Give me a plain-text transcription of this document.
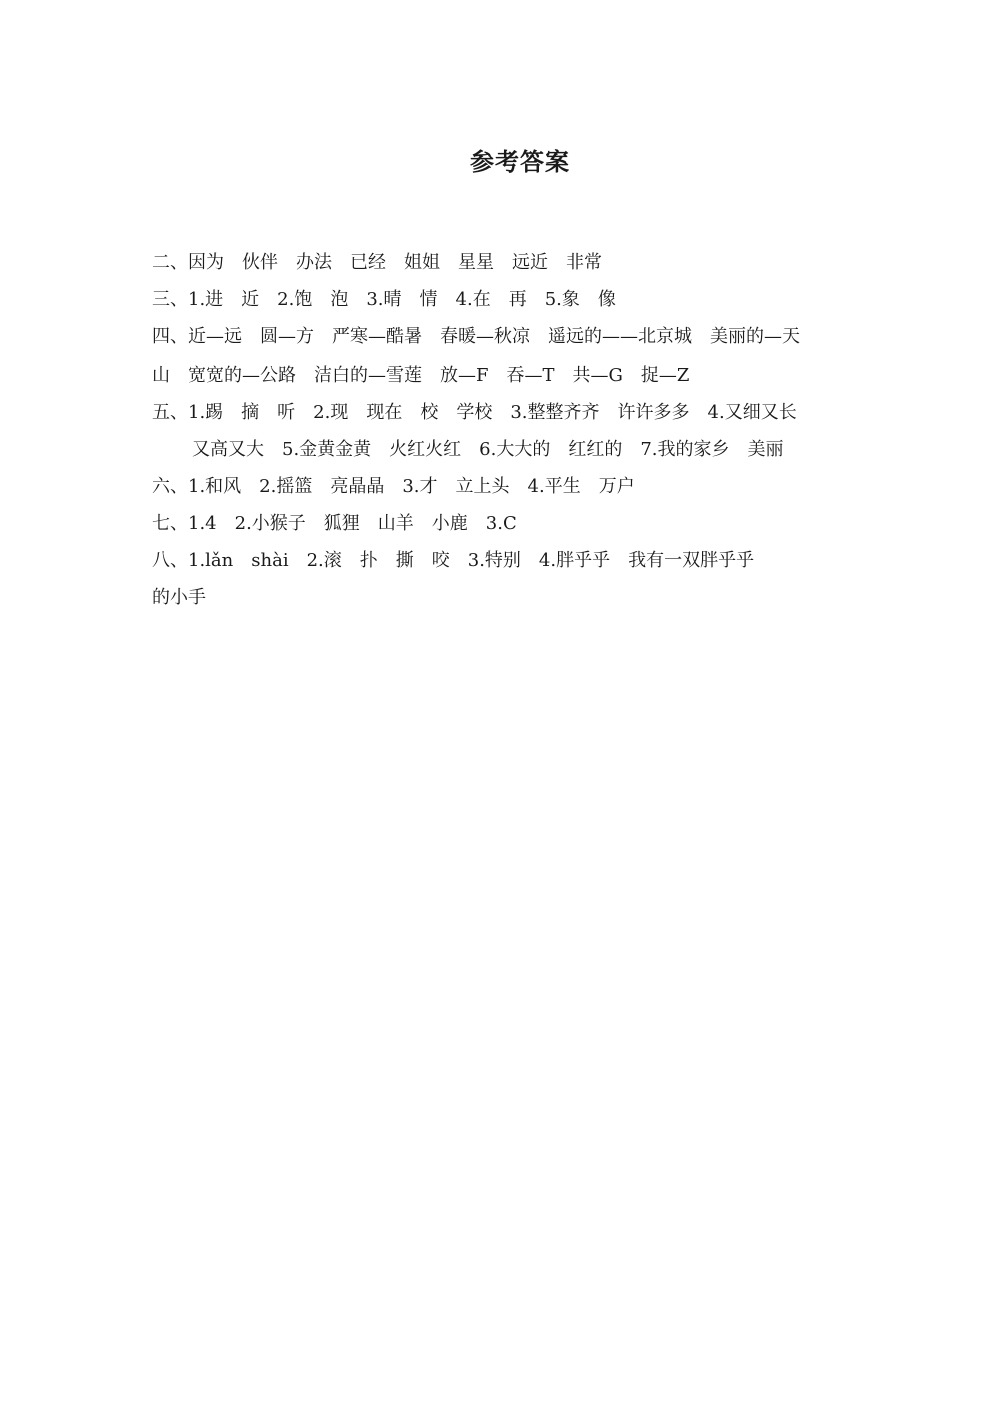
参考答案
二、因为　伙伴　办法　已经　姐姐　星星　远近　非常
三、1.进　近　2.饱　泡　3.晴　情　4.在　再　5.象　像
四、近—远　圆—方　严寒—酷暑　春暖—秋凉　遥远的——北京城　美丽的—天
山　宽宽的—公路　洁白的—雪莲　放—F　吞—T　共—G　捉—Z
五、1.踢　摘　听　2.现　现在　校　学校　3.整整齐齐　许许多多　4.又细又长
又高又大　5.金黄金黄　火红火红　6.大大的　红红的　7.我的家乡　美丽
六、1.和风　2.摇篮　亮晶晶　3.才　立上头　4.平生　万户
七、1.4　2.小猴子　狐狸　山羊　小鹿　3.C
八、1.lǎn　shài　2.滚　扑　撕　咬　3.特别　4.胖乎乎　我有一双胖乎乎
的小手
